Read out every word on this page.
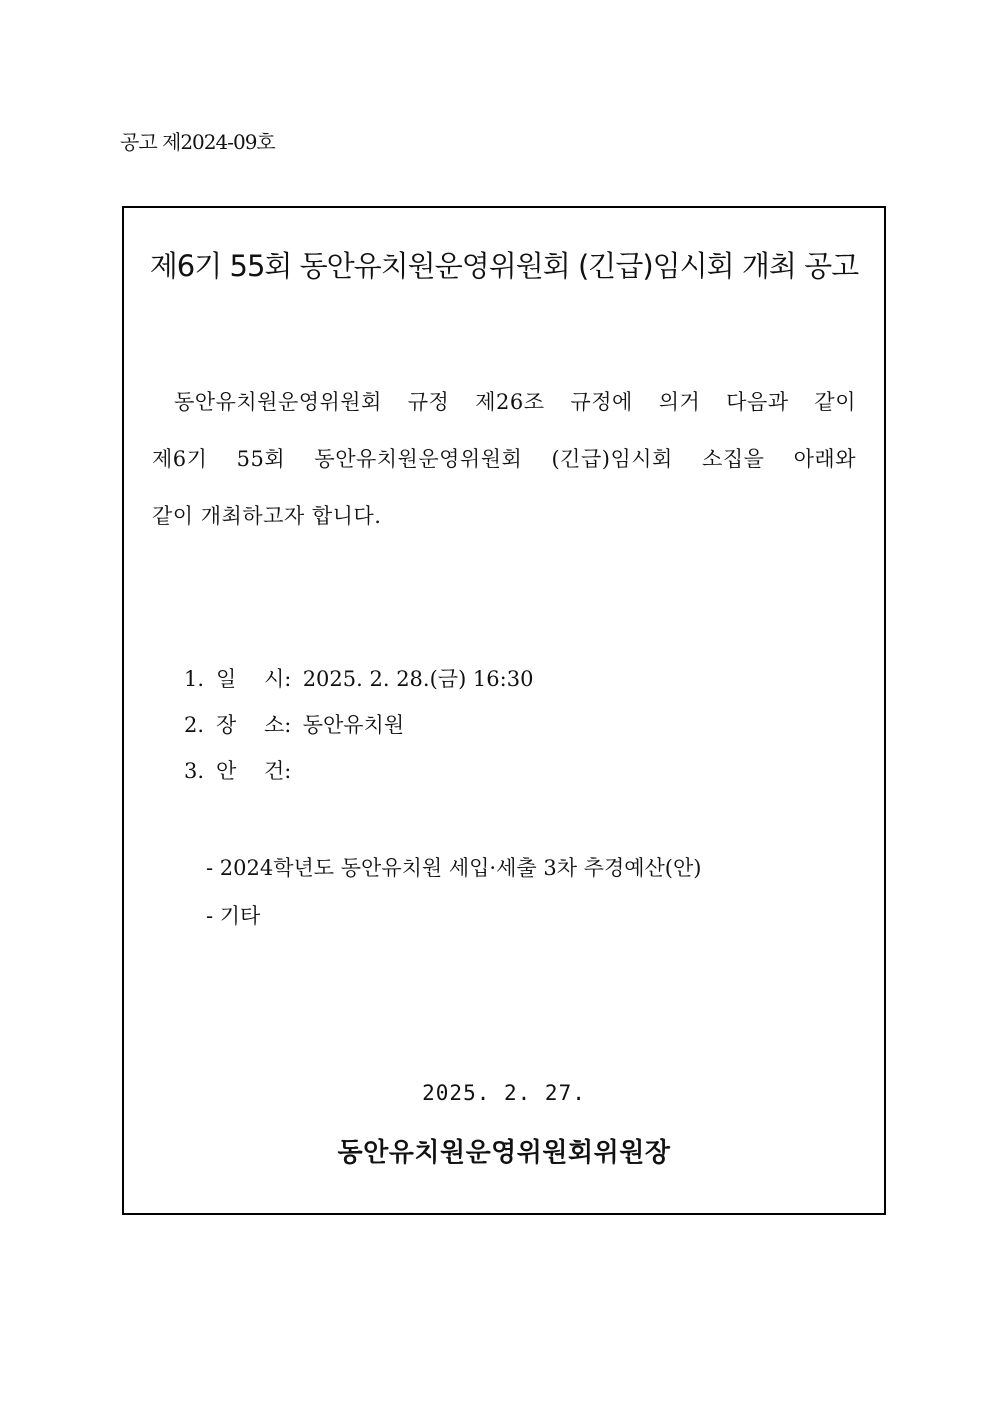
공고 제2024-09호
제6기 55회 동안유치원운영위원회 (긴급)임시회 개최 공고
동안유치원운영위원회 규정 제26조 규정에 의거 다음과 같이
제6기 55회 동안유치원운영위원회 (긴급)임시회 소집을 아래와
같이 개최하고자 합니다.
1. 일 시: 2025. 2. 28.(금) 16:30
2. 장 소: 동안유치원
3. 안 건:
- 2024학년도 동안유치원 세입·세출 3차 추경예산(안)
- 기타
2025. 2. 27.
동안유치원운영위원회위원장
